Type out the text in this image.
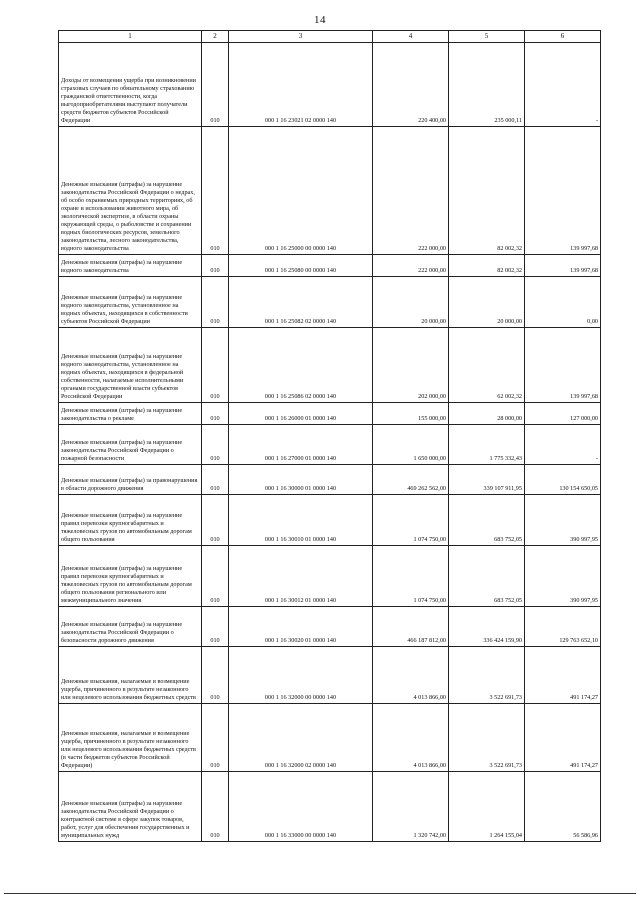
14
1	2	3	4	5	6
Доходы от возмещения ущерба при возникновении страховых случаев по обязательному страхованию гражданской ответственности, когда выгодоприобретателями выступают получатели средств бюджетов субъектов Российской Федерации	010	000 1 16 23021 02 0000 140	220 400,00	235 000,11	-
Денежные взыскания (штрафы) за нарушение законодательства Российской Федерации о недрах, об особо охраняемых природных территориях, об охране и использовании животного мира, об экологической экспертизе, в области охраны окружающей среды, о рыболовстве и сохранении водных биологических ресурсов, земельного законодательства, лесного законодательства, водного законодательства	010	000 1 16 25000 00 0000 140	222 000,00	82 002,32	139 997,68
Денежные взыскания (штрафы) за нарушение водного законодательства	010	000 1 16 25080 00 0000 140	222 000,00	82 002,32	139 997,68
Денежные взыскания (штрафы) за нарушение водного законодательства, установленное на водных объектах, находящихся в собственности субъектов Российской Федерации	010	000 1 16 25082 02 0000 140	20 000,00	20 000,00	0,00
Денежные взыскания (штрафы) за нарушение водного законодательства, установленное на водных объектах, находящихся в федеральной собственности, налагаемые исполнительными органами государственной власти субъектов Российской Федерации	010	000 1 16 25086 02 0000 140	202 000,00	62 002,32	139 997,68
Денежные взыскания (штрафы) за нарушение законодательства о рекламе	010	000 1 16 26000 01 0000 140	155 000,00	28 000,00	127 000,00
Денежные взыскания (штрафы) за нарушение законодательства Российской Федерации о пожарной безопасности	010	000 1 16 27000 01 0000 140	1 650 000,00	1 775 332,43	-
Денежные взыскания (штрафы) за правонарушения в области дорожного движения	010	000 1 16 30000 01 0000 140	469 262 562,00	339 107 911,95	130 154 650,05
Денежные взыскания (штрафы) за нарушение правил перевозки крупногабаритных и тяжеловесных грузов по автомобильным дорогам общего пользования	010	000 1 16 30010 01 0000 140	1 074 750,00	683 752,05	390 997,95
Денежные взыскания (штрафы) за нарушение правил перевозки крупногабаритных и тяжеловесных грузов по автомобильным дорогам общего пользования регионального или межмуниципального значения	010	000 1 16 30012 01 0000 140	1 074 750,00	683 752,05	390 997,95
Денежные взыскания (штрафы) за нарушение законодательства Российской Федерации о безопасности дорожного движения	010	000 1 16 30020 01 0000 140	466 187 812,00	336 424 159,90	129 763 652,10
Денежные взыскания, налагаемые в возмещение ущерба, причиненного в результате незаконного или нецелевого использования бюджетных средств	010	000 1 16 32000 00 0000 140	4 013 866,00	3 522 691,73	491 174,27
Денежные взыскания, налагаемые в возмещение ущерба, причиненного в результате незаконного или нецелевого использования бюджетных средств (в части бюджетов субъектов Российской Федерации)	010	000 1 16 32000 02 0000 140	4 013 866,00	3 522 691,73	491 174,27
Денежные взыскания (штрафы) за нарушение законодательства Российской Федерации о контрактной системе в сфере закупок товаров, работ, услуг для обеспечения государственных и муниципальных нужд	010	000 1 16 33000 00 0000 140	1 320 742,00	1 264 155,04	56 586,96
